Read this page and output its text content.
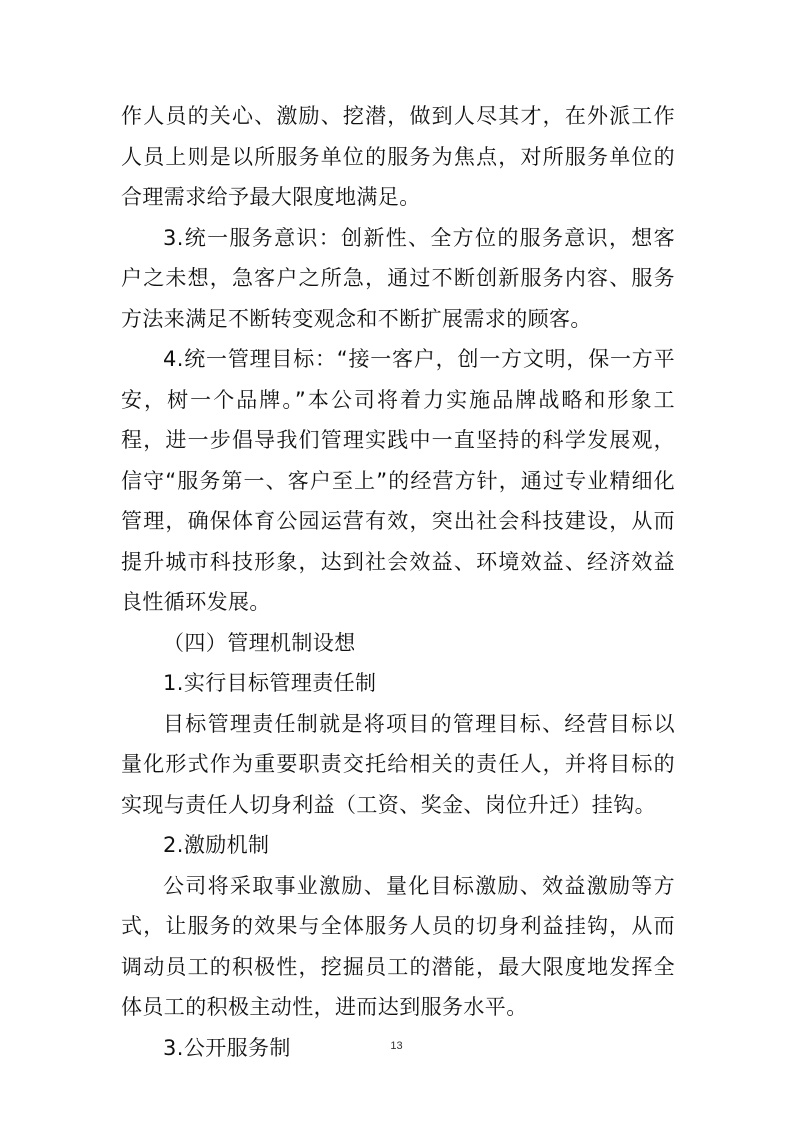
作人员的关心、激励、挖潜，做到人尽其才，在外派工作人员上则是以所服务单位的服务为焦点，对所服务单位的合理需求给予最大限度地满足。

3.统一服务意识：创新性、全方位的服务意识，想客户之未想，急客户之所急，通过不断创新服务内容、服务方法来满足不断转变观念和不断扩展需求的顾客。

4.统一管理目标：“接一客户，创一方文明，保一方平安，树一个品牌。”本公司将着力实施品牌战略和形象工程，进一步倡导我们管理实践中一直坚持的科学发展观，信守“服务第一、客户至上”的经营方针，通过专业精细化管理，确保体育公园运营有效，突出社会科技建设，从而提升城市科技形象，达到社会效益、环境效益、经济效益良性循环发展。

（四）管理机制设想

1.实行目标管理责任制

目标管理责任制就是将项目的管理目标、经营目标以量化形式作为重要职责交托给相关的责任人，并将目标的实现与责任人切身利益（工资、奖金、岗位升迁）挂钩。

2.激励机制

公司将采取事业激励、量化目标激励、效益激励等方式，让服务的效果与全体服务人员的切身利益挂钩，从而调动员工的积极性，挖掘员工的潜能，最大限度地发挥全体员工的积极主动性，进而达到服务水平。

3.公开服务制	13
